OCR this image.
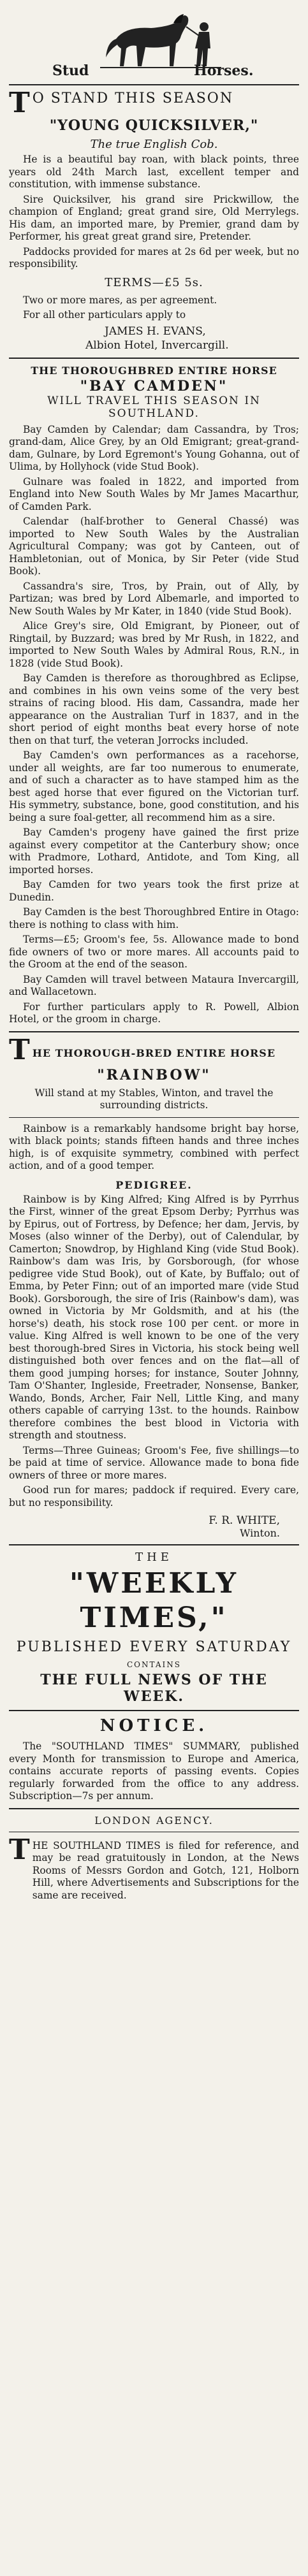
Stud	Horses.
T O STAND THIS SEASON
"YOUNG QUICKSILVER,"
The true English Cob.

He is a beautiful bay roan, with black points, three years old 24th March last, excellent temper and constitution, with immense substance.

Sire Quicksilver, his grand sire Prickwillow, the champion of England; great grand sire, Old Merrylegs. His dam, an imported mare, by Premier, grand dam by Performer, his great great grand sire, Pretender.

Paddocks provided for mares at 2s 6d per week, but no responsibility.

TERMS—£5 5s.

Two or more mares, as per agreement.

For all other particulars apply to

JAMES H. EVANS,
Albion Hotel, Invercargill.
THE THOROUGHBRED ENTIRE HORSE
"BAY CAMDEN"
WILL TRAVEL THIS SEASON IN
SOUTHLAND.

Bay Camden by Calendar; dam Cassandra, by Tros; grand-dam, Alice Grey, by an Old Emigrant; great-grand-dam, Gulnare, by Lord Egremont's Young Gohanna, out of Ulima, by Hollyhock (vide Stud Book).

Gulnare was foaled in 1822, and imported from England into New South Wales by Mr James Macarthur, of Camden Park.

Calendar (half-brother to General Chassé) was imported to New South Wales by the Australian Agricultural Company; was got by Canteen, out of Hambletonian, out of Monica, by Sir Peter (vide Stud Book).

Cassandra's sire, Tros, by Prain, out of Ally, by Partizan; was bred by Lord Albemarle, and imported to New South Wales by Mr Kater, in 1840 (vide Stud Book).

Alice Grey's sire, Old Emigrant, by Pioneer, out of Ringtail, by Buzzard; was bred by Mr Rush, in 1822, and imported to New South Wales by Admiral Rous, R.N., in 1828 (vide Stud Book).

Bay Camden is therefore as thoroughbred as Eclipse, and combines in his own veins some of the very best strains of racing blood. His dam, Cassandra, made her appearance on the Australian Turf in 1837, and in the short period of eight months beat every horse of note then on that turf, the veteran Jorrocks included.

Bay Camden's own performances as a racehorse, under all weights, are far too numerous to enumerate, and of such a character as to have stamped him as the best aged horse that ever figured on the Victorian turf. His symmetry, substance, bone, good constitution, and his being a sure foal-getter, all recommend him as a sire.

Bay Camden's progeny have gained the first prize against every competitor at the Canterbury show; once with Pradmore, Lothard, Antidote, and Tom King, all imported horses.

Bay Camden for two years took the first prize at Dunedin.

Bay Camden is the best Thoroughbred Entire in Otago: there is nothing to class with him.

Terms—£5; Groom's fee, 5s. Allowance made to bond fide owners of two or more mares. All accounts paid to the Groom at the end of the season.

Bay Camden will travel between Mataura Invercargill, and Wallacetown.

For further particulars apply to R. Powell, Albion Hotel, or the groom in charge.

T HE THOROUGH-BRED ENTIRE HORSE
"RAINBOW"

Will stand at my Stables, Winton, and travel the surrounding districts.

Rainbow is a remarkably handsome bright bay horse, with black points; stands fifteen hands and three inches high, is of exquisite symmetry, combined with perfect action, and of a good temper.

PEDIGREE.

Rainbow is by King Alfred; King Alfred is by Pyrrhus the First, winner of the great Epsom Derby; Pyrrhus was by Epirus, out of Fortress, by Defence; her dam, Jervis, by Moses (also winner of the Derby), out of Calendular, by Camerton; Snowdrop, by Highland King (vide Stud Book). Rainbow's dam was Iris, by Gorsborough, (for whose pedigree vide Stud Book), out of Kate, by Buffalo; out of Emma, by Peter Finn; out of an imported mare (vide Stud Book). Gorsborough, the sire of Iris (Rainbow's dam), was owned in Victoria by Mr Goldsmith, and at his (the horse's) death, his stock rose 100 per cent. or more in value. King Alfred is well known to be one of the very best thorough-bred Sires in Victoria, his stock being well distinguished both over fences and on the flat—all of them good jumping horses; for instance, Souter Johnny, Tam O'Shanter, Ingleside, Freetrader, Nonsense, Banker, Wando, Bonds, Archer, Fair Nell, Little King, and many others capable of carrying 13st. to the hounds. Rainbow therefore combines the best blood in Victoria with strength and stoutness.

Terms—Three Guineas; Groom's Fee, five shillings—to be paid at time of service. Allowance made to bona fide owners of three or more mares.

Good run for mares; paddock if required. Every care, but no responsibility.

F. R. WHITE,
Winton.
THE
"WEEKLY TIMES,"
PUBLISHED EVERY SATURDAY
CONTAINS
THE FULL NEWS OF THE WEEK.
NOTICE.

The "SOUTHLAND TIMES" SUMMARY, published every Month for transmission to Europe and America, contains accurate reports of passing events. Copies regularly forwarded from the office to any address. Subscription—7s per annum.

LONDON AGENCY.
T HE SOUTHLAND TIMES is filed for reference, and may be read gratuitously in London, at the News Rooms of Messrs Gordon and Gotch, 121, Holborn Hill, where Advertisements and Subscriptions for the same are received.
